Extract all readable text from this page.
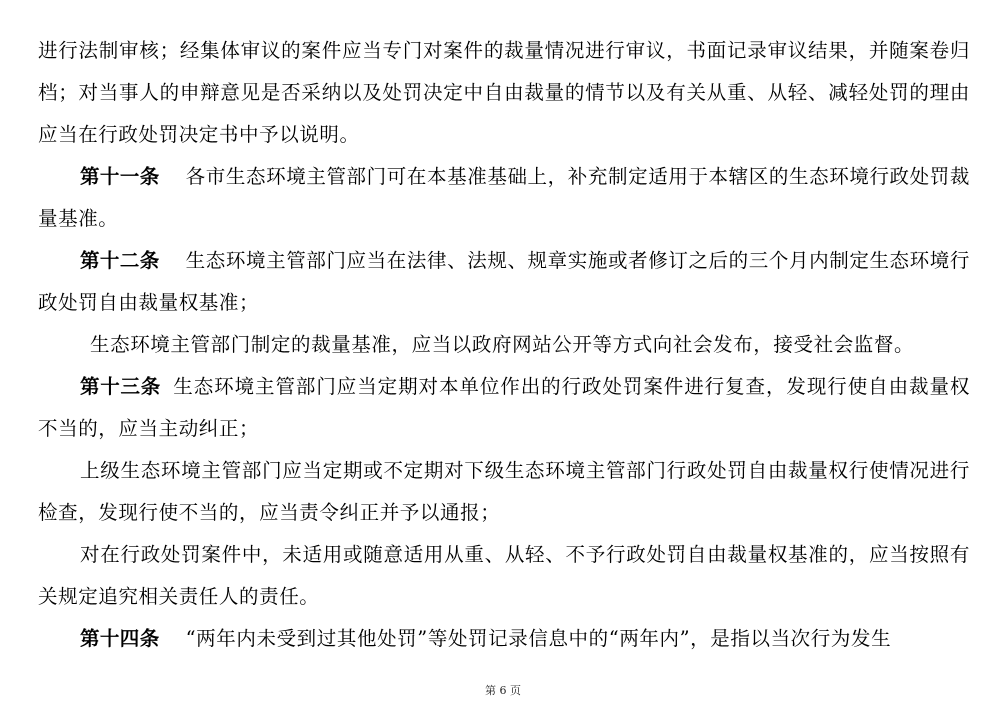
进行法制审核；经集体审议的案件应当专门对案件的裁量情况进行审议，书面记录审议结果，并随案卷归档；对当事人的申辩意见是否采纳以及处罚决定中自由裁量的情节以及有关从重、从轻、减轻处罚的理由应当在行政处罚决定书中予以说明。

第十一条 各市生态环境主管部门可在本基准基础上，补充制定适用于本辖区的生态环境行政处罚裁量基准。

第十二条 生态环境主管部门应当在法律、法规、规章实施或者修订之后的三个月内制定生态环境行政处罚自由裁量权基准；

生态环境主管部门制定的裁量基准，应当以政府网站公开等方式向社会发布，接受社会监督。

第十三条 生态环境主管部门应当定期对本单位作出的行政处罚案件进行复查，发现行使自由裁量权不当的，应当主动纠正；

上级生态环境主管部门应当定期或不定期对下级生态环境主管部门行政处罚自由裁量权行使情况进行检查，发现行使不当的，应当责令纠正并予以通报；

对在行政处罚案件中，未适用或随意适用从重、从轻、不予行政处罚自由裁量权基准的，应当按照有关规定追究相关责任人的责任。

第十四条 “两年内未受到过其他处罚”等处罚记录信息中的“两年内”，是指以当次行为发生

第 6 页
